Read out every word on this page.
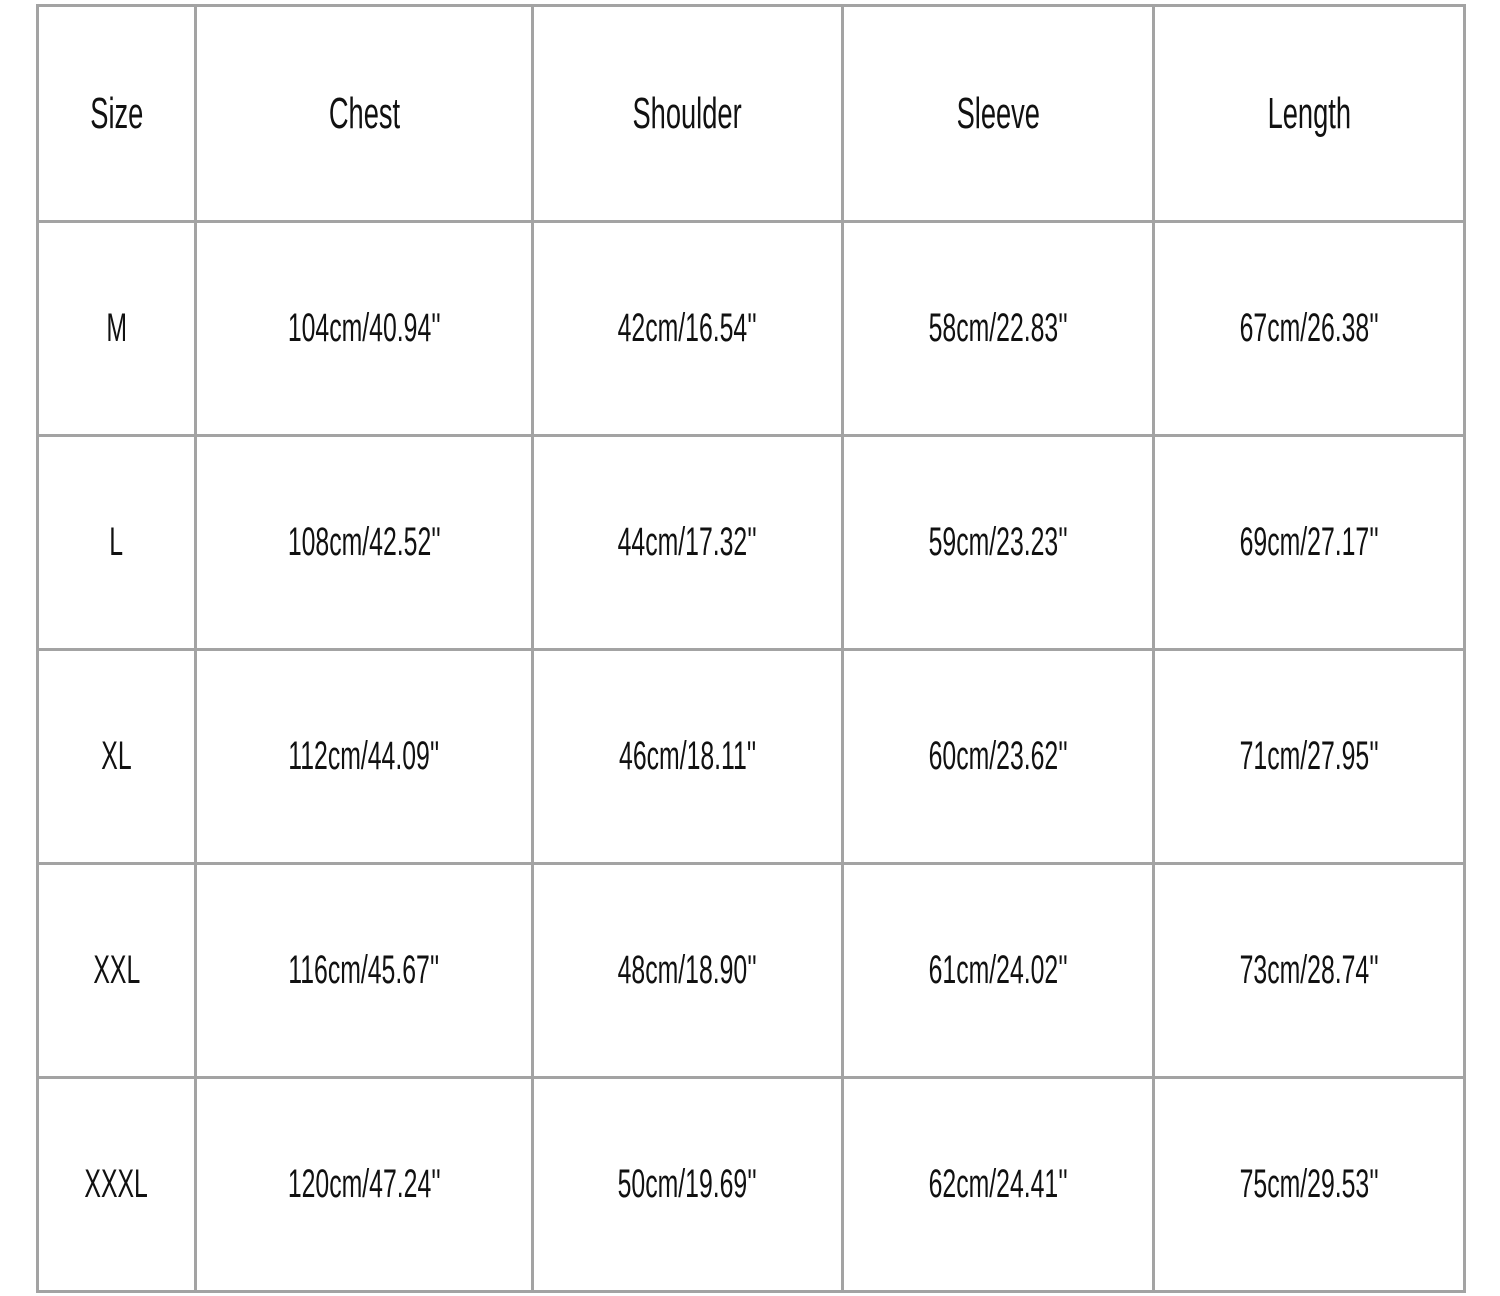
Size	Chest	Shoulder	Sleeve	Length
M	104cm/40.94''	42cm/16.54''	58cm/22.83''	67cm/26.38''
L	108cm/42.52''	44cm/17.32''	59cm/23.23''	69cm/27.17''
XL	112cm/44.09''	46cm/18.11''	60cm/23.62''	71cm/27.95''
XXL	116cm/45.67''	48cm/18.90''	61cm/24.02''	73cm/28.74''
XXXL	120cm/47.24''	50cm/19.69''	62cm/24.41''	75cm/29.53''
